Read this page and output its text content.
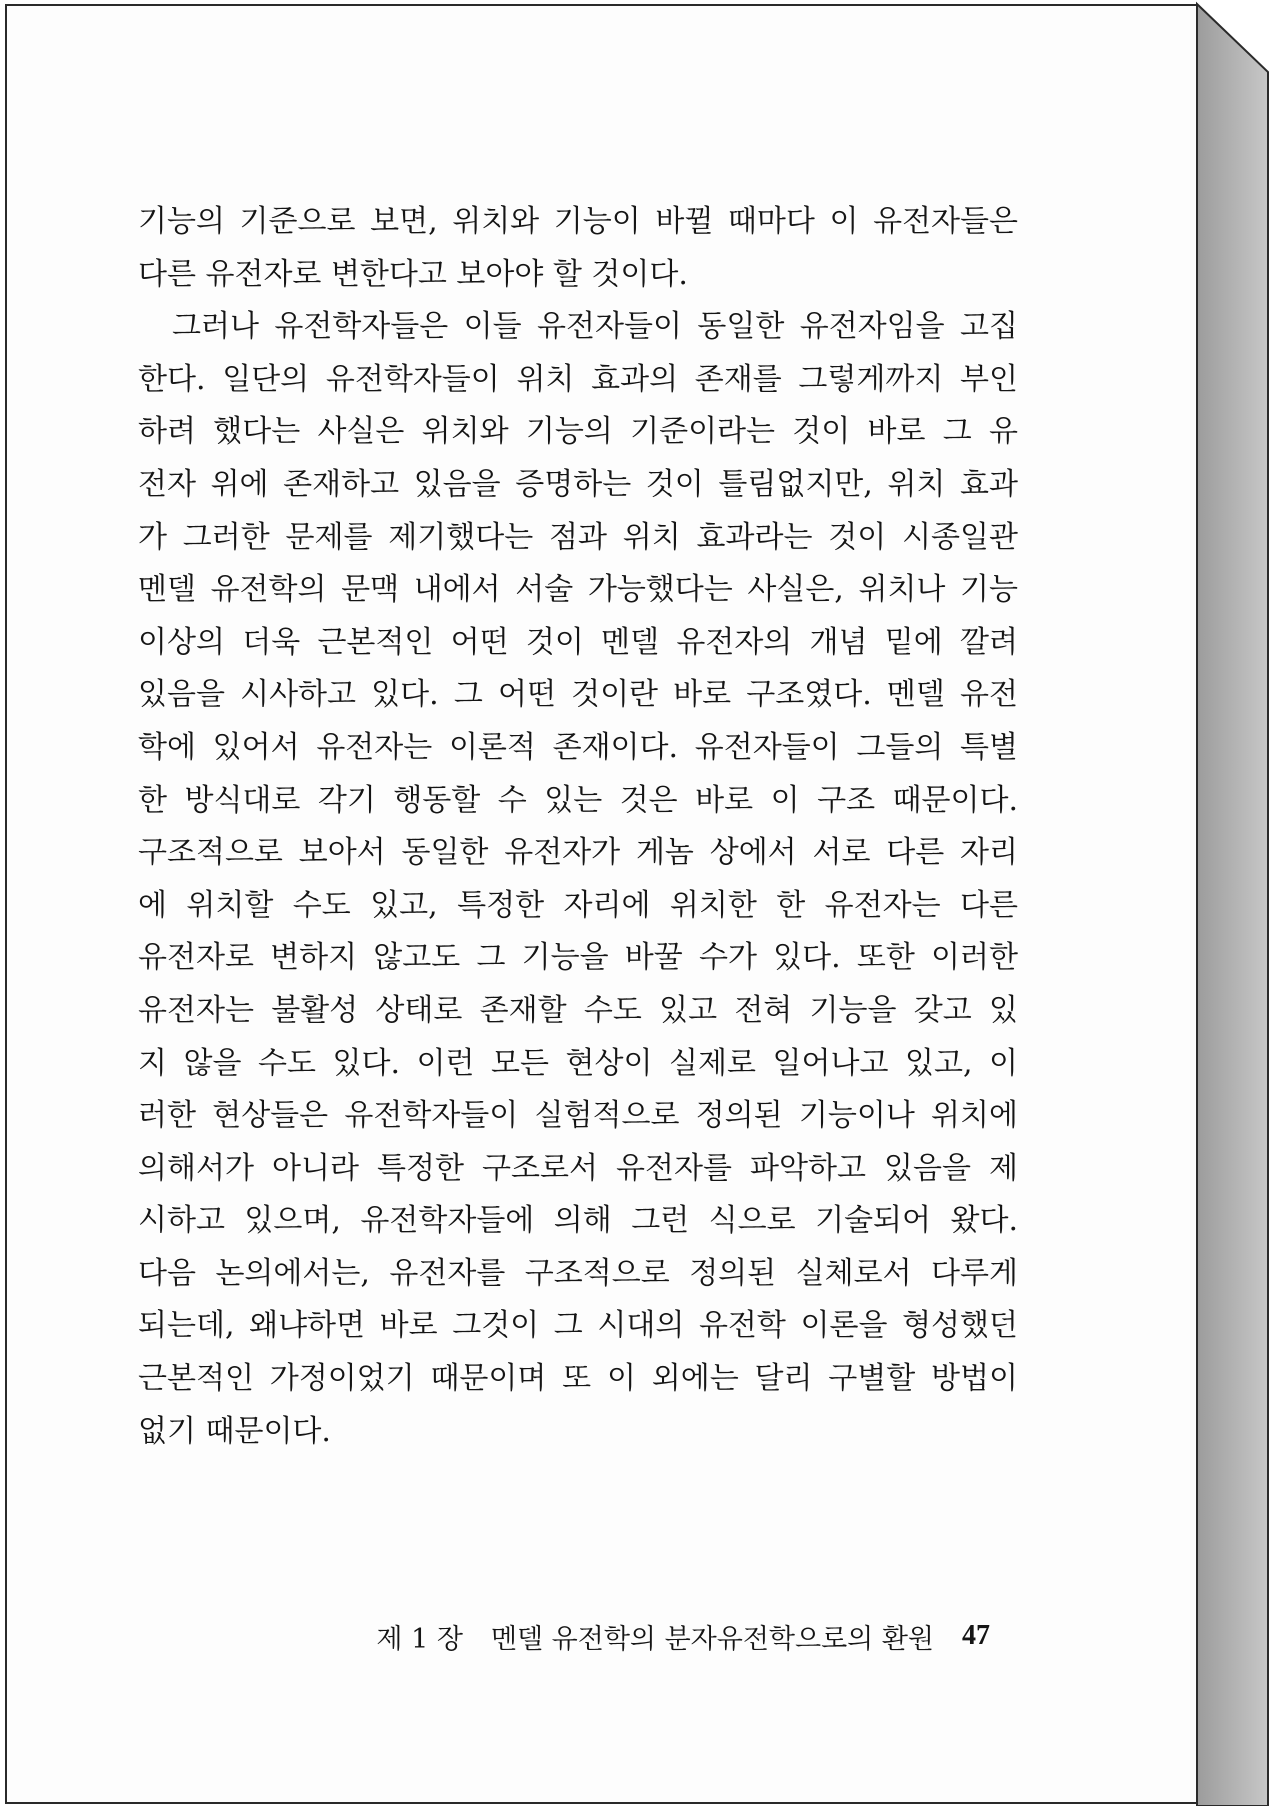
기능의 기준으로 보면, 위치와 기능이 바뀔 때마다 이 유전자들은
다른 유전자로 변한다고 보아야 할 것이다.
그러나 유전학자들은 이들 유전자들이 동일한 유전자임을 고집
한다. 일단의 유전학자들이 위치 효과의 존재를 그렇게까지 부인
하려 했다는 사실은 위치와 기능의 기준이라는 것이 바로 그 유
전자 위에 존재하고 있음을 증명하는 것이 틀림없지만, 위치 효과
가 그러한 문제를 제기했다는 점과 위치 효과라는 것이 시종일관
멘델 유전학의 문맥 내에서 서술 가능했다는 사실은, 위치나 기능
이상의 더욱 근본적인 어떤 것이 멘델 유전자의 개념 밑에 깔려
있음을 시사하고 있다. 그 어떤 것이란 바로 구조였다. 멘델 유전
학에 있어서 유전자는 이론적 존재이다. 유전자들이 그들의 특별
한 방식대로 각기 행동할 수 있는 것은 바로 이 구조 때문이다.
구조적으로 보아서 동일한 유전자가 게놈 상에서 서로 다른 자리
에 위치할 수도 있고, 특정한 자리에 위치한 한 유전자는 다른
유전자로 변하지 않고도 그 기능을 바꿀 수가 있다. 또한 이러한
유전자는 불활성 상태로 존재할 수도 있고 전혀 기능을 갖고 있
지 않을 수도 있다. 이런 모든 현상이 실제로 일어나고 있고, 이
러한 현상들은 유전학자들이 실험적으로 정의된 기능이나 위치에
의해서가 아니라 특정한 구조로서 유전자를 파악하고 있음을 제
시하고 있으며, 유전학자들에 의해 그런 식으로 기술되어 왔다.
다음 논의에서는, 유전자를 구조적으로 정의된 실체로서 다루게
되는데, 왜냐하면 바로 그것이 그 시대의 유전학 이론을 형성했던
근본적인 가정이었기 때문이며 또 이 외에는 달리 구별할 방법이
없기 때문이다.
제 1 장 멘델 유전학의 분자유전학으로의 환원 47
